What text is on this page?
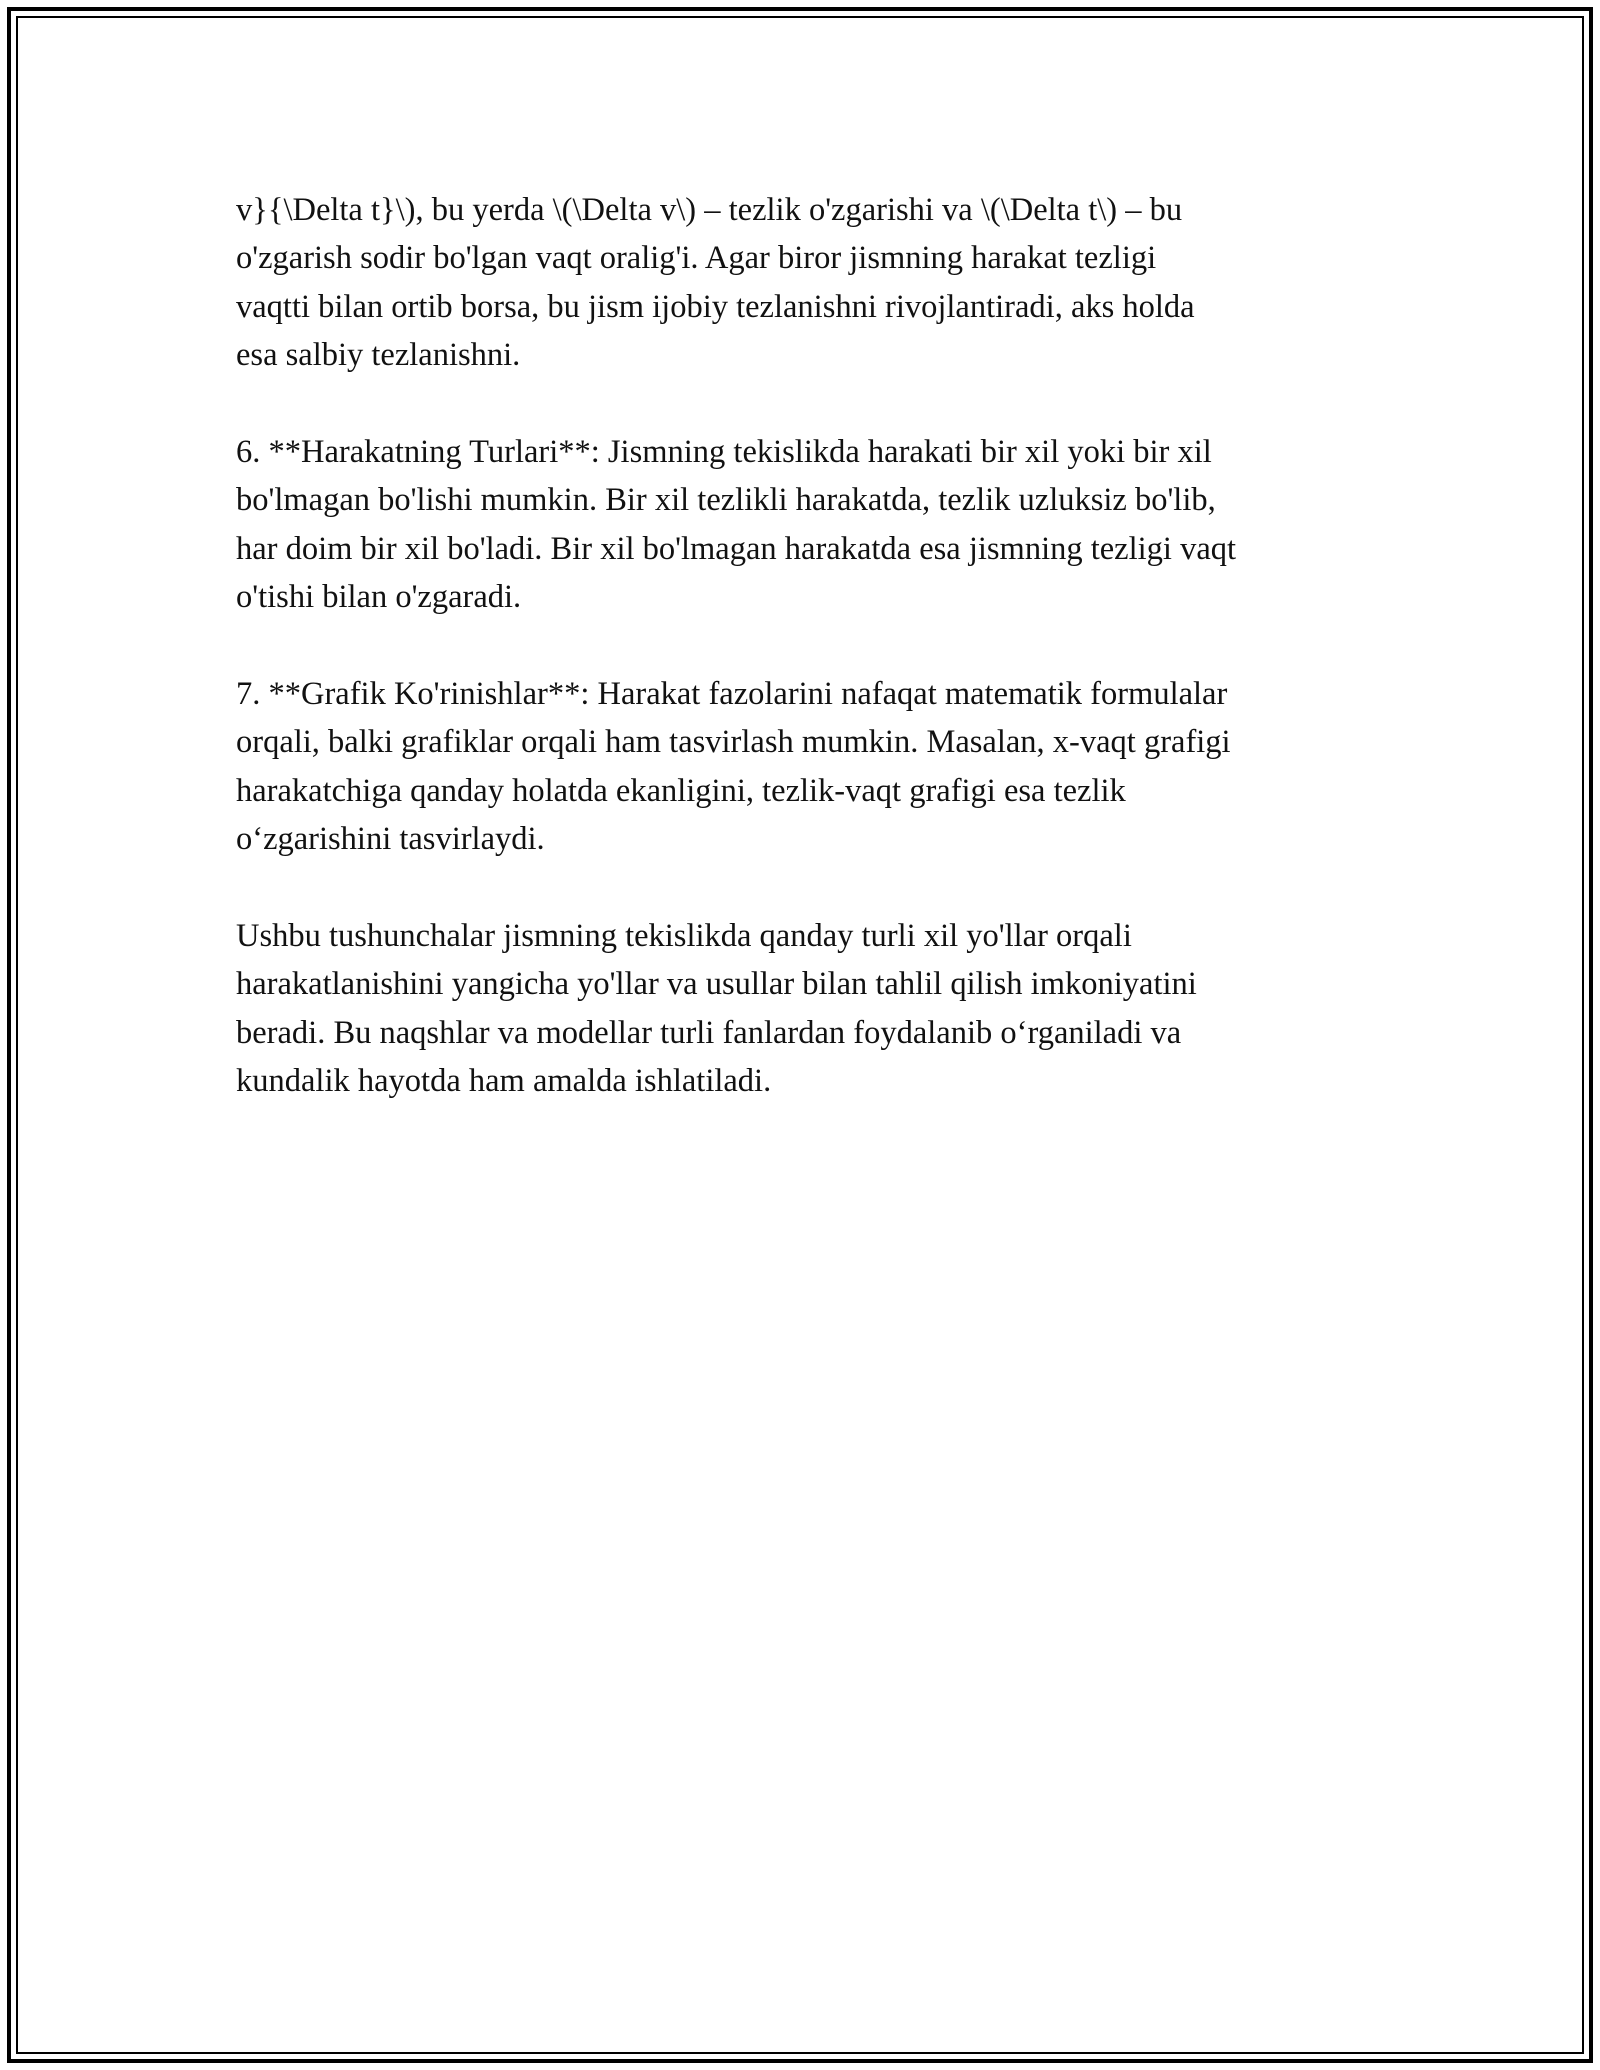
v}{\Delta t}\), bu yerda \(\Delta v\) – tezlik o'zgarishi va \(\Delta t\) – bu
o'zgarish sodir bo'lgan vaqt oralig'i. Agar biror jismning harakat tezligi
vaqtti bilan ortib borsa, bu jism ijobiy tezlanishni rivojlantiradi, aks holda
esa salbiy tezlanishni.

6. **Harakatning Turlari**: Jismning tekislikda harakati bir xil yoki bir xil
bo'lmagan bo'lishi mumkin. Bir xil tezlikli harakatda, tezlik uzluksiz bo'lib,
har doim bir xil bo'ladi. Bir xil bo'lmagan harakatda esa jismning tezligi vaqt
o'tishi bilan o'zgaradi.

7. **Grafik Ko'rinishlar**: Harakat fazolarini nafaqat matematik formulalar
orqali, balki grafiklar orqali ham tasvirlash mumkin. Masalan, x-vaqt grafigi
harakatchiga qanday holatda ekanligini, tezlik-vaqt grafigi esa tezlik
o‘zgarishini tasvirlaydi.

Ushbu tushunchalar jismning tekislikda qanday turli xil yo'llar orqali
harakatlanishini yangicha yo'llar va usullar bilan tahlil qilish imkoniyatini
beradi. Bu naqshlar va modellar turli fanlardan foydalanib o‘rganiladi va
kundalik hayotda ham amalda ishlatiladi.
